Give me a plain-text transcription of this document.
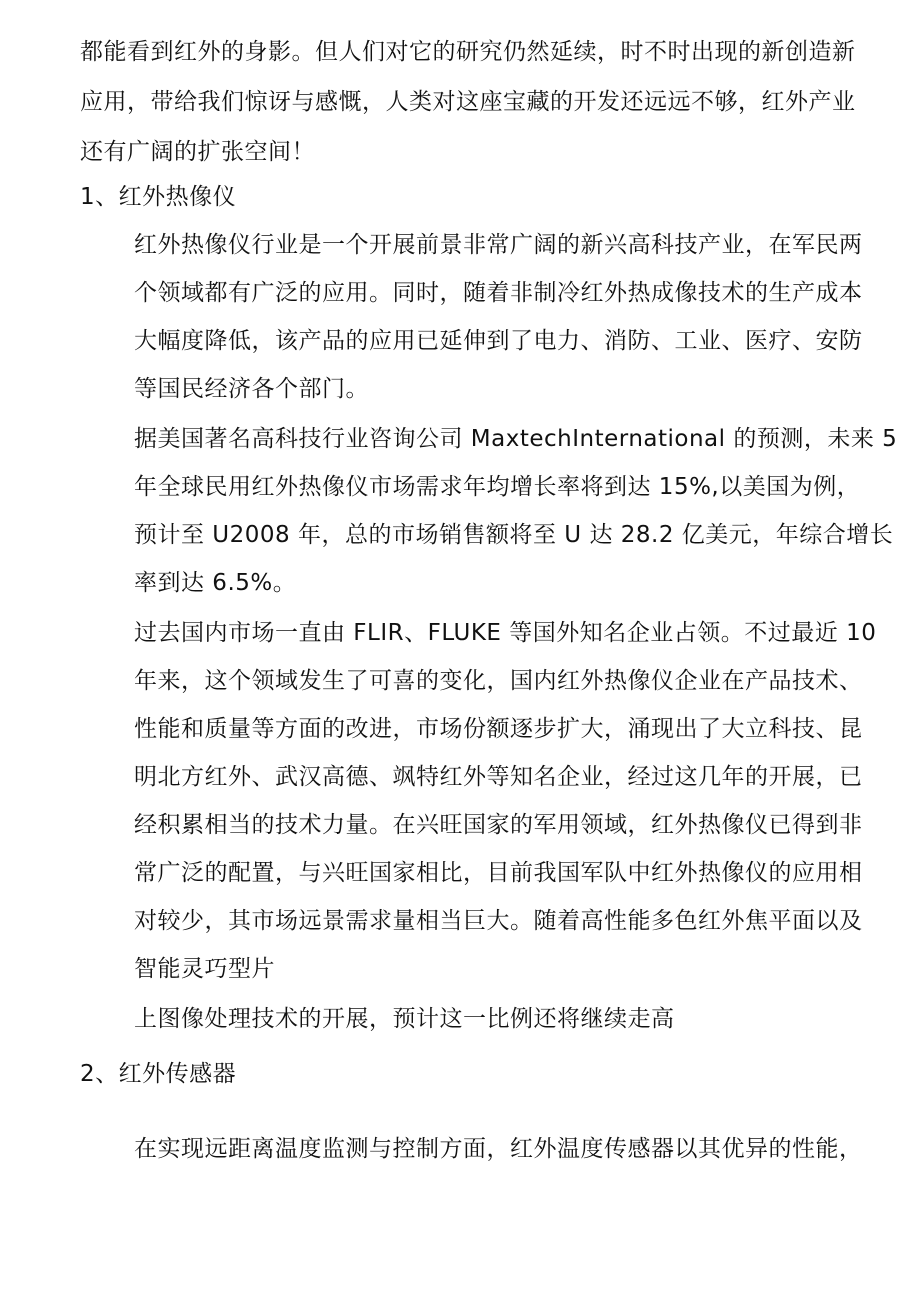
都能看到红外的身影。但人们对它的研究仍然延续，时不时出现的新创造新
应用，带给我们惊讶与感慨，人类对这座宝藏的开发还远远不够，红外产业
还有广阔的扩张空间！
1、红外热像仪
红外热像仪行业是一个开展前景非常广阔的新兴高科技产业，在军民两
个领域都有广泛的应用。同时，随着非制冷红外热成像技术的生产成本
大幅度降低，该产品的应用已延伸到了电力、消防、工业、医疗、安防
等国民经济各个部门。
据美国著名高科技行业咨询公司 MaxtechInternational 的预测，未来 5
年全球民用红外热像仪市场需求年均增长率将到达 15%,以美国为例，
预计至 U2008 年，总的市场销售额将至 U 达 28.2 亿美元，年综合增长
率到达 6.5%。
过去国内市场一直由 FLIR、FLUKE 等国外知名企业占领。不过最近 10
年来，这个领域发生了可喜的变化，国内红外热像仪企业在产品技术、
性能和质量等方面的改进，市场份额逐步扩大，涌现出了大立科技、昆
明北方红外、武汉高德、飒特红外等知名企业，经过这几年的开展，已
经积累相当的技术力量。在兴旺国家的军用领域，红外热像仪已得到非
常广泛的配置，与兴旺国家相比，目前我国军队中红外热像仪的应用相
对较少，其市场远景需求量相当巨大。随着高性能多色红外焦平面以及
智能灵巧型片
上图像处理技术的开展，预计这一比例还将继续走高
2、红外传感器
在实现远距离温度监测与控制方面，红外温度传感器以其优异的性能，
